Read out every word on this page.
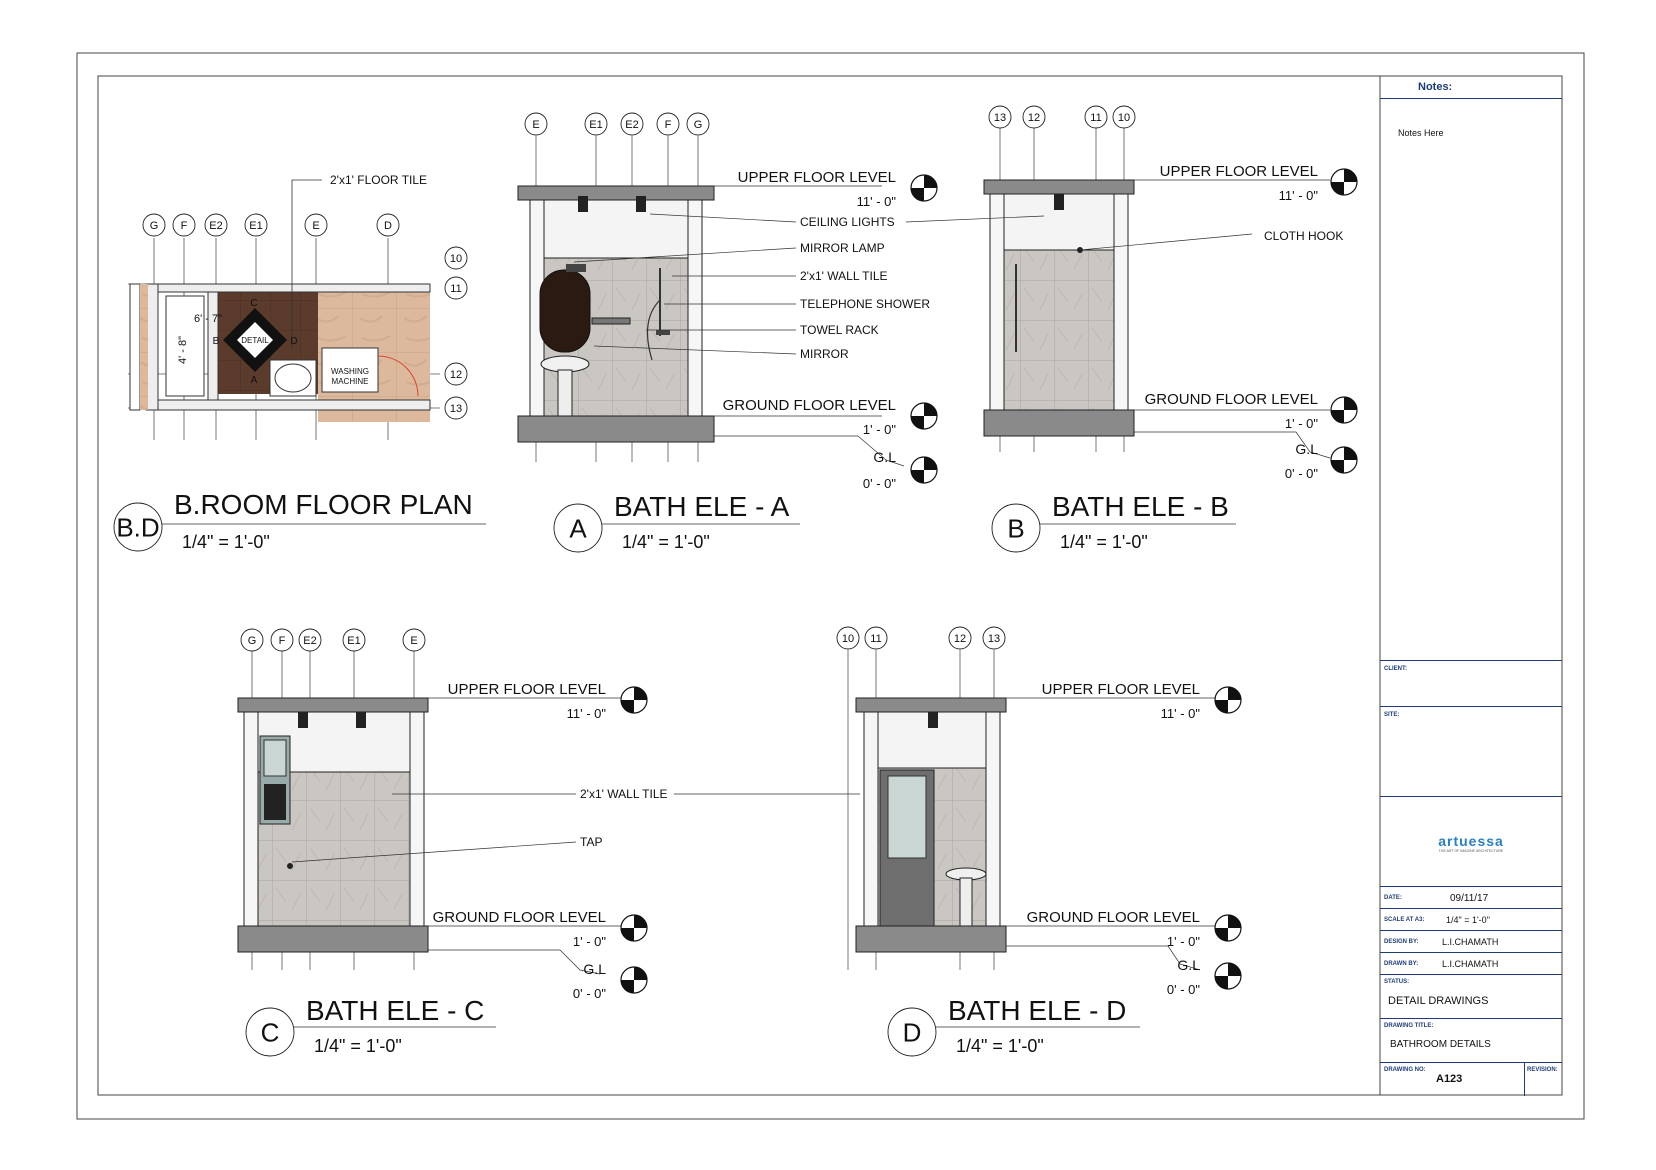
G F E2 E1	E	D
10
11
12
13
2'x1' FLOOR TILE
6' - 7"
4' - 8"	DETAIL
C
B	D
A
WASHING
MACHINE
B.D
B.ROOM FLOOR PLAN
1/4" = 1'-0"
E	E1 E2 F G
UPPER FLOOR LEVEL
11' - 0"
CEILING LIGHTS
MIRROR LAMP
2'x1' WALL TILE
TELEPHONE SHOWER
TOWEL RACK
MIRROR
GROUND FLOOR LEVEL
1' - 0"
G.L
0' - 0"
A
BATH ELE - A
1/4" = 1'-0"
13 12	11 10
UPPER FLOOR LEVEL
11' - 0"
CLOTH HOOK
GROUND FLOOR LEVEL
1' - 0"
G.L
0' - 0"
B
BATH ELE - B
1/4" = 1'-0"
G F E2	E1	E
UPPER FLOOR LEVEL
11' - 0"
2'x1' WALL TILE
TAP
GROUND FLOOR LEVEL
1' - 0"
G.L
0' - 0"
C
BATH ELE - C
1/4" = 1'-0"
10 11	12 13
UPPER FLOOR LEVEL
11' - 0"
GROUND FLOOR LEVEL
1' - 0"
G.L
0' - 0"
D
BATH ELE - D
1/4" = 1'-0"
Notes:
Notes Here
CLIENT:
SITE:
artuessa
THE ART OF IMAGINE ARCHITECTURE
DATE:	09/11/17
SCALE AT A3: 1/4" = 1'-0"
DESIGN BY:	L.I.CHAMATH
DRAWN BY:	L.I.CHAMATH
STATUS:
DETAIL DRAWINGS
DRAWING TITLE:
BATHROOM DETAILS
DRAWING NO:
A123
REVISION:
